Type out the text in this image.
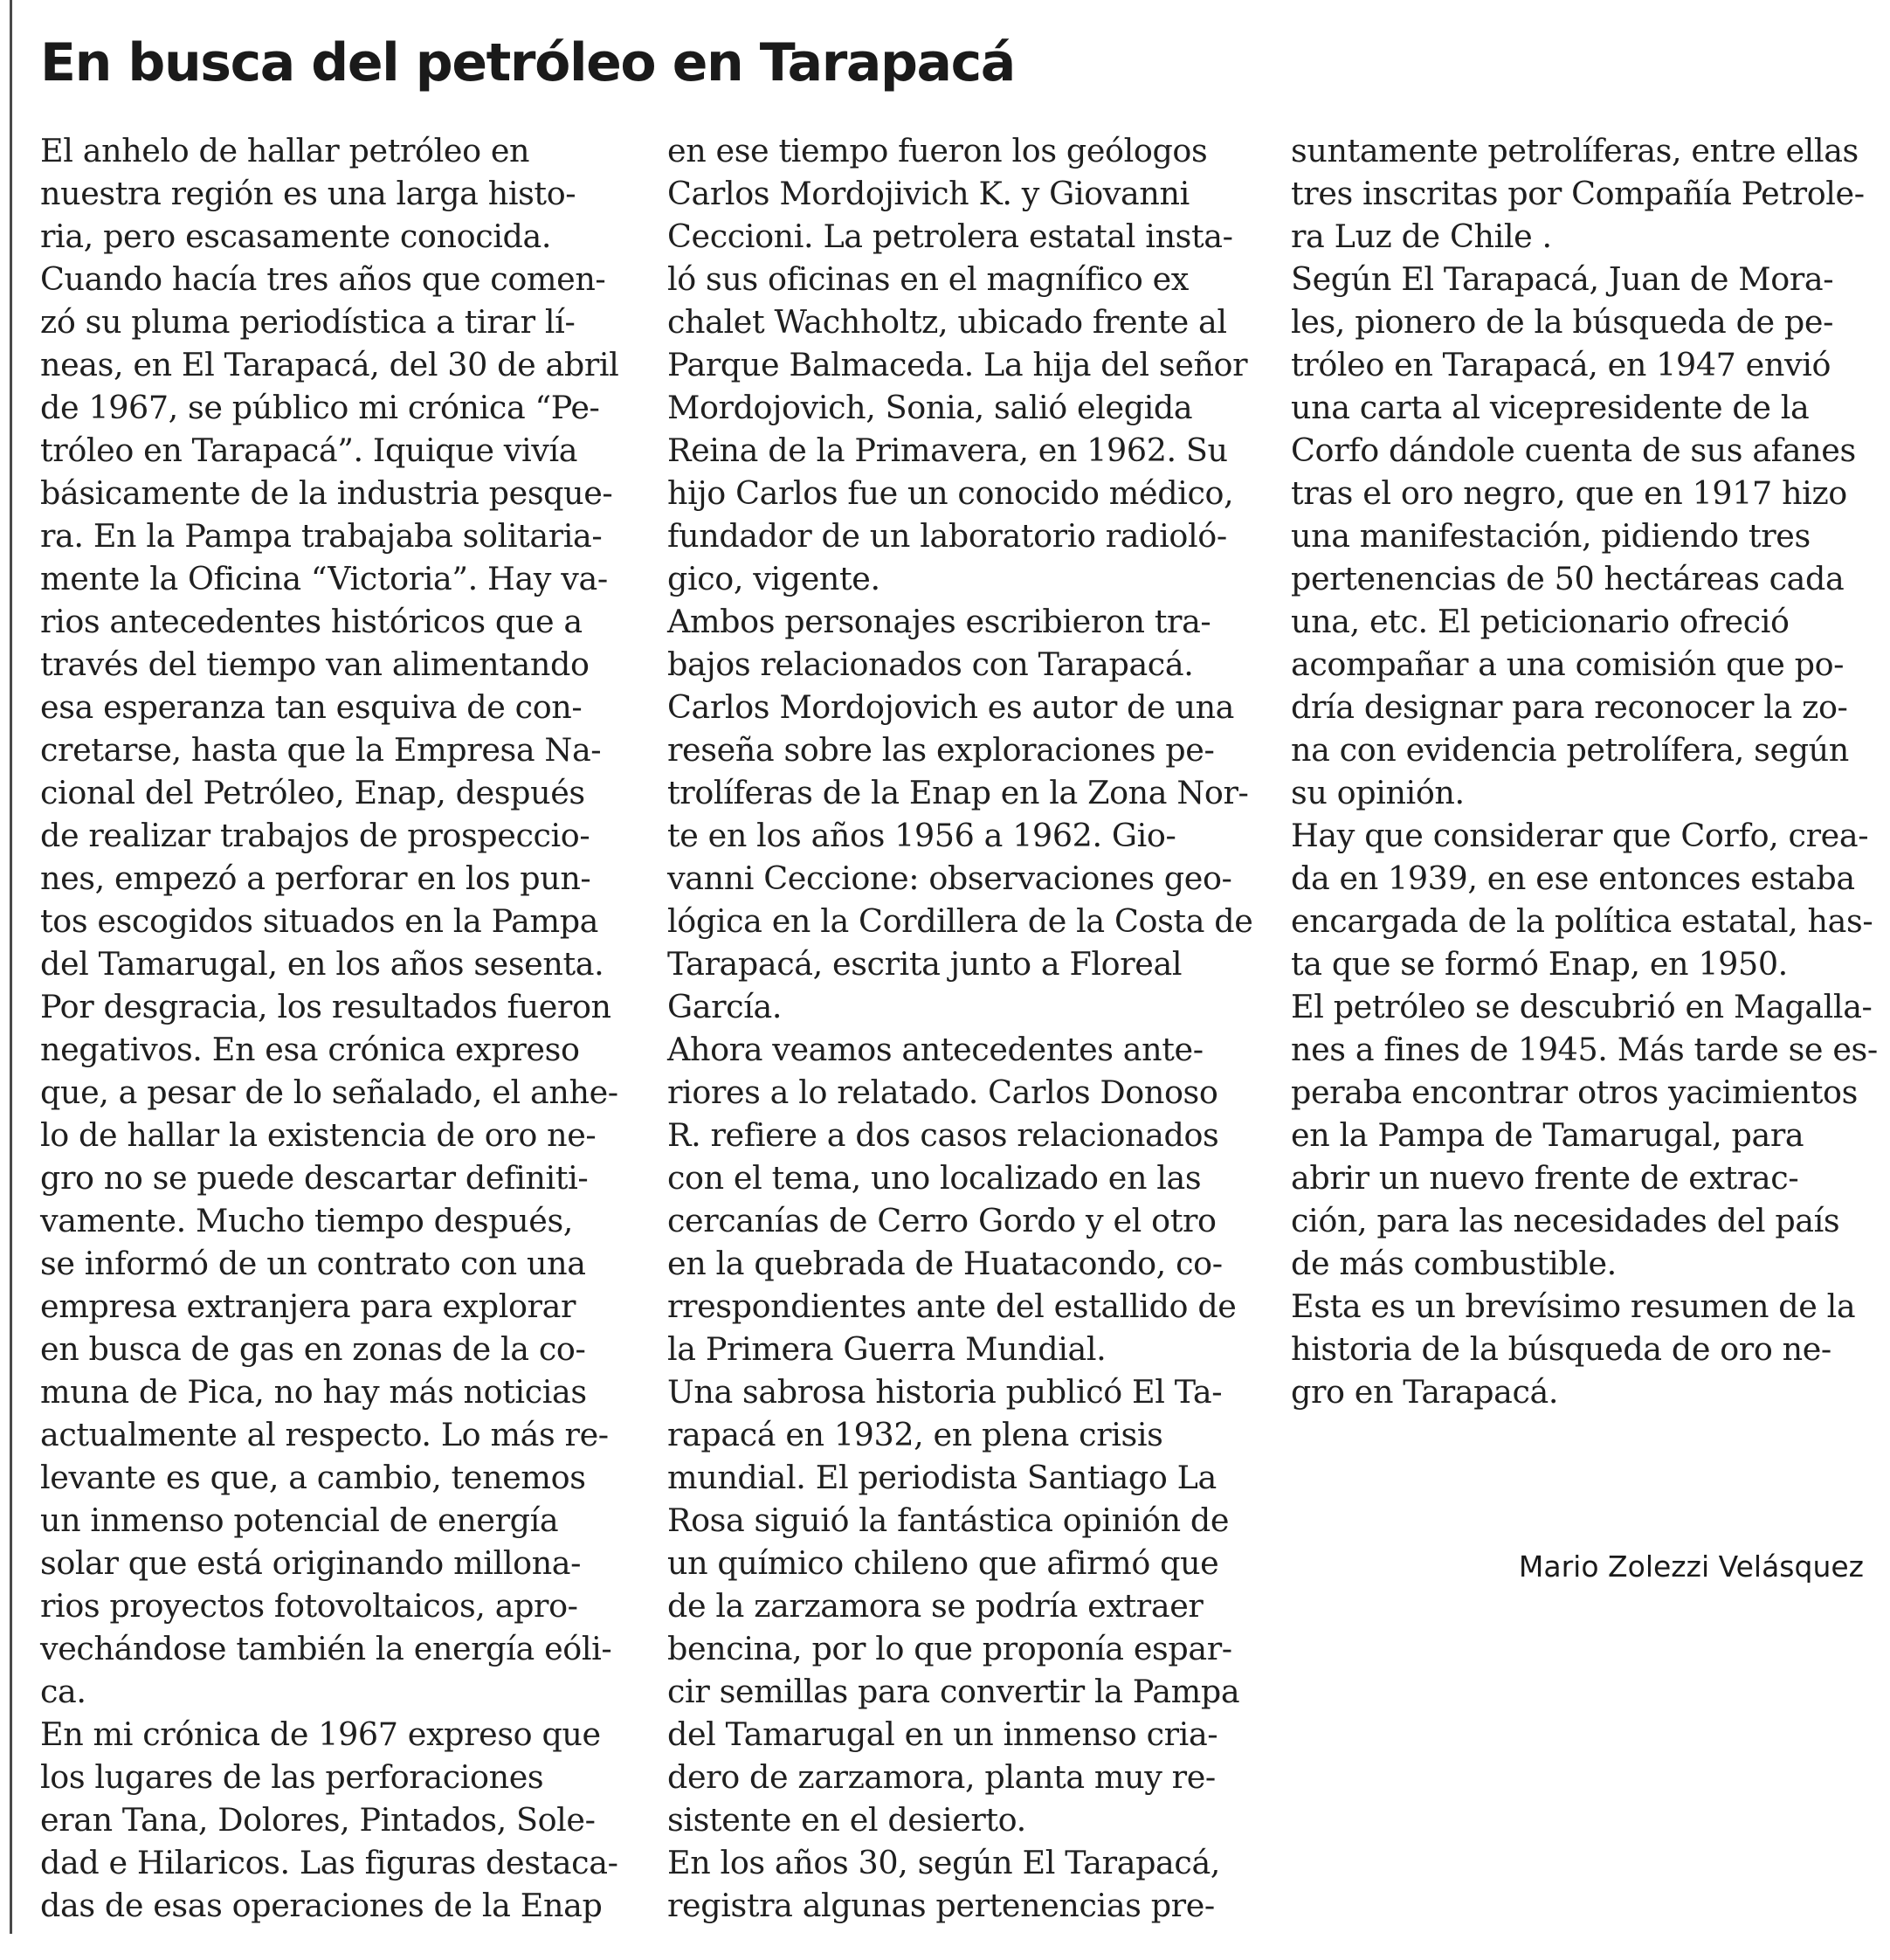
En busca del petróleo en Tarapacá
El anhelo de hallar petróleo en
nuestra región es una larga histo-
ria, pero escasamente conocida.
Cuando hacía tres años que comen-
zó su pluma periodística a tirar lí-
neas, en El Tarapacá, del 30 de abril
de 1967, se público mi crónica “Pe-
tróleo en Tarapacá”. Iquique vivía
básicamente de la industria pesque-
ra. En la Pampa trabajaba solitaria-
mente la Oficina “Victoria”. Hay va-
rios antecedentes históricos que a
través del tiempo van alimentando
esa esperanza tan esquiva de con-
cretarse, hasta que la Empresa Na-
cional del Petróleo, Enap, después
de realizar trabajos de prospeccio-
nes, empezó a perforar en los pun-
tos escogidos situados en la Pampa
del Tamarugal, en los años sesenta.
Por desgracia, los resultados fueron
negativos. En esa crónica expreso
que, a pesar de lo señalado, el anhe-
lo de hallar la existencia de oro ne-
gro no se puede descartar definiti-
vamente. Mucho tiempo después,
se informó de un contrato con una
empresa extranjera para explorar
en busca de gas en zonas de la co-
muna de Pica, no hay más noticias
actualmente al respecto. Lo más re-
levante es que, a cambio, tenemos
un inmenso potencial de energía
solar que está originando millona-
rios proyectos fotovoltaicos, apro-
vechándose también la energía eóli-
ca.
En mi crónica de 1967 expreso que
los lugares de las perforaciones
eran Tana, Dolores, Pintados, Sole-
dad e Hilaricos. Las figuras destaca-
das de esas operaciones de la Enap
en ese tiempo fueron los geólogos
Carlos Mordojivich K. y Giovanni
Ceccioni. La petrolera estatal insta-
ló sus oficinas en el magnífico ex
chalet Wachholtz, ubicado frente al
Parque Balmaceda. La hija del señor
Mordojovich, Sonia, salió elegida
Reina de la Primavera, en 1962. Su
hijo Carlos fue un conocido médico,
fundador de un laboratorio radioló-
gico, vigente.
Ambos personajes escribieron tra-
bajos relacionados con Tarapacá.
Carlos Mordojovich es autor de una
reseña sobre las exploraciones pe-
trolíferas de la Enap en la Zona Nor-
te en los años 1956 a 1962. Gio-
vanni Ceccione: observaciones geo-
lógica en la Cordillera de la Costa de
Tarapacá, escrita junto a Floreal
García.
Ahora veamos antecedentes ante-
riores a lo relatado. Carlos Donoso
R. refiere a dos casos relacionados
con el tema, uno localizado en las
cercanías de Cerro Gordo y el otro
en la quebrada de Huatacondo, co-
rrespondientes ante del estallido de
la Primera Guerra Mundial.
Una sabrosa historia publicó El Ta-
rapacá en 1932, en plena crisis
mundial. El periodista Santiago La
Rosa siguió la fantástica opinión de
un químico chileno que afirmó que
de la zarzamora se podría extraer
bencina, por lo que proponía espar-
cir semillas para convertir la Pampa
del Tamarugal en un inmenso cria-
dero de zarzamora, planta muy re-
sistente en el desierto.
En los años 30, según El Tarapacá,
registra algunas pertenencias pre-
suntamente petrolíferas, entre ellas
tres inscritas por Compañía Petrole-
ra Luz de Chile .
Según El Tarapacá, Juan de Mora-
les, pionero de la búsqueda de pe-
tróleo en Tarapacá, en 1947 envió
una carta al vicepresidente de la
Corfo dándole cuenta de sus afanes
tras el oro negro, que en 1917 hizo
una manifestación, pidiendo tres
pertenencias de 50 hectáreas cada
una, etc. El peticionario ofreció
acompañar a una comisión que po-
dría designar para reconocer la zo-
na con evidencia petrolífera, según
su opinión.
Hay que considerar que Corfo, crea-
da en 1939, en ese entonces estaba
encargada de la política estatal, has-
ta que se formó Enap, en 1950.
El petróleo se descubrió en Magalla-
nes a fines de 1945. Más tarde se es-
peraba encontrar otros yacimientos
en la Pampa de Tamarugal, para
abrir un nuevo frente de extrac-
ción, para las necesidades del país
de más combustible.
Esta es un brevísimo resumen de la
historia de la búsqueda de oro ne-
gro en Tarapacá.
Mario Zolezzi Velásquez
